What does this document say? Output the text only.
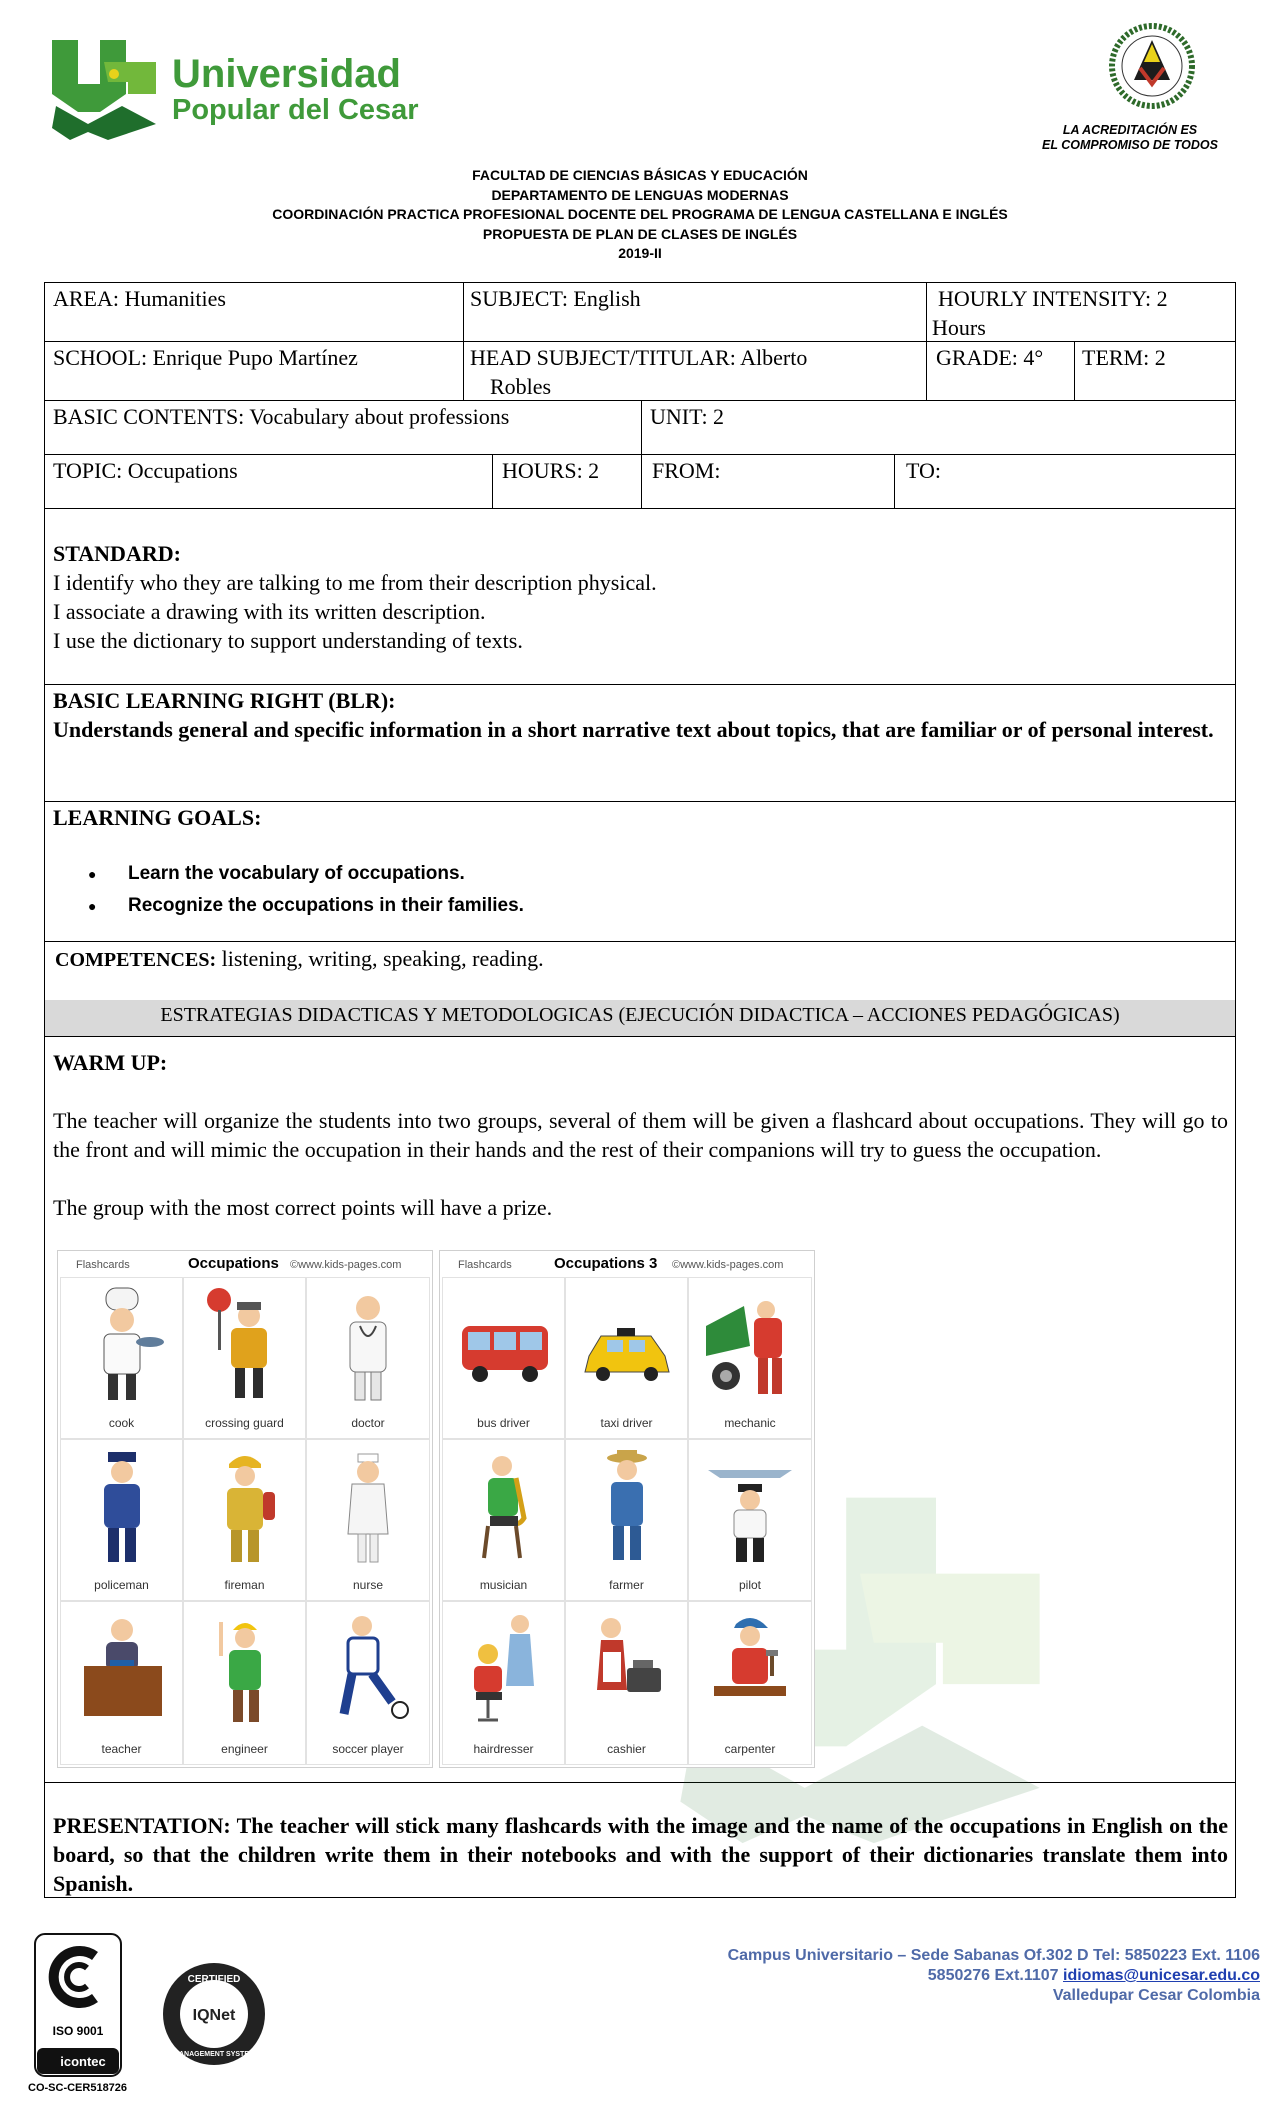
Universidad
Popular del Cesar
LA ACREDITACIÓN ES
EL COMPROMISO DE TODOS
FACULTAD DE CIENCIAS BÁSICAS Y EDUCACIÓN
DEPARTAMENTO DE LENGUAS MODERNAS
COORDINACIÓN PRACTICA PROFESIONAL DOCENTE DEL PROGRAMA DE LENGUA CASTELLANA E INGLÉS
PROPUESTA DE PLAN DE CLASES DE INGLÉS
2019-II
AREA: Humanities	SUBJECT: English	HOURLY INTENSITY: 2
Hours
SCHOOL: Enrique Pupo Martínez	HEAD SUBJECT/TITULAR: Alberto
Robles
GRADE: 4° TERM: 2
BASIC CONTENTS: Vocabulary about professions	UNIT: 2
TOPIC: Occupations	HOURS: 2 FROM:	TO:
STANDARD:
I identify who they are talking to me from their description physical.
I associate a drawing with its written description.
I use the dictionary to support understanding of texts.
BASIC LEARNING RIGHT (BLR):
Understands general and specific information in a short narrative text about topics, that are familiar or of personal interest.
LEARNING GOALS:
● Learn the vocabulary of occupations.
● Recognize the occupations in their families.
COMPETENCES: listening, writing, speaking, reading.
ESTRATEGIAS DIDACTICAS Y METODOLOGICAS (EJECUCIÓN DIDACTICA – ACCIONES PEDAGÓGICAS)
WARM UP:
The teacher will organize the students into two groups, several of them will be given a flashcard about occupations. They will go to the front and will mimic the occupation in their hands and the rest of their companions will try to guess the occupation.
The group with the most correct points will have a prize.
Flashcards	Occupations ©www.kids-pages.com
cook	crossing guard	doctor
policeman	fireman	nurse
teacher	engineer	soccer player
Flashcards	Occupations 3 ©www.kids-pages.com
bus driver	taxi driver	mechanic
musician	farmer	pilot
hairdresser	cashier	carpenter
PRESENTATION: The teacher will stick many flashcards with the image and the name of the occupations in English on the board, so that the children write them in their notebooks and with the support of their dictionaries translate them into Spanish.
ISO 9001
icontec
CERTIFIED
IQNet
MANAGEMENT SYSTEM
Campus Universitario – Sede Sabanas Of.302 D Tel: 5850223 Ext. 1106
5850276 Ext.1107 idiomas@unicesar.edu.co
Valledupar Cesar Colombia
CO-SC-CER518726
